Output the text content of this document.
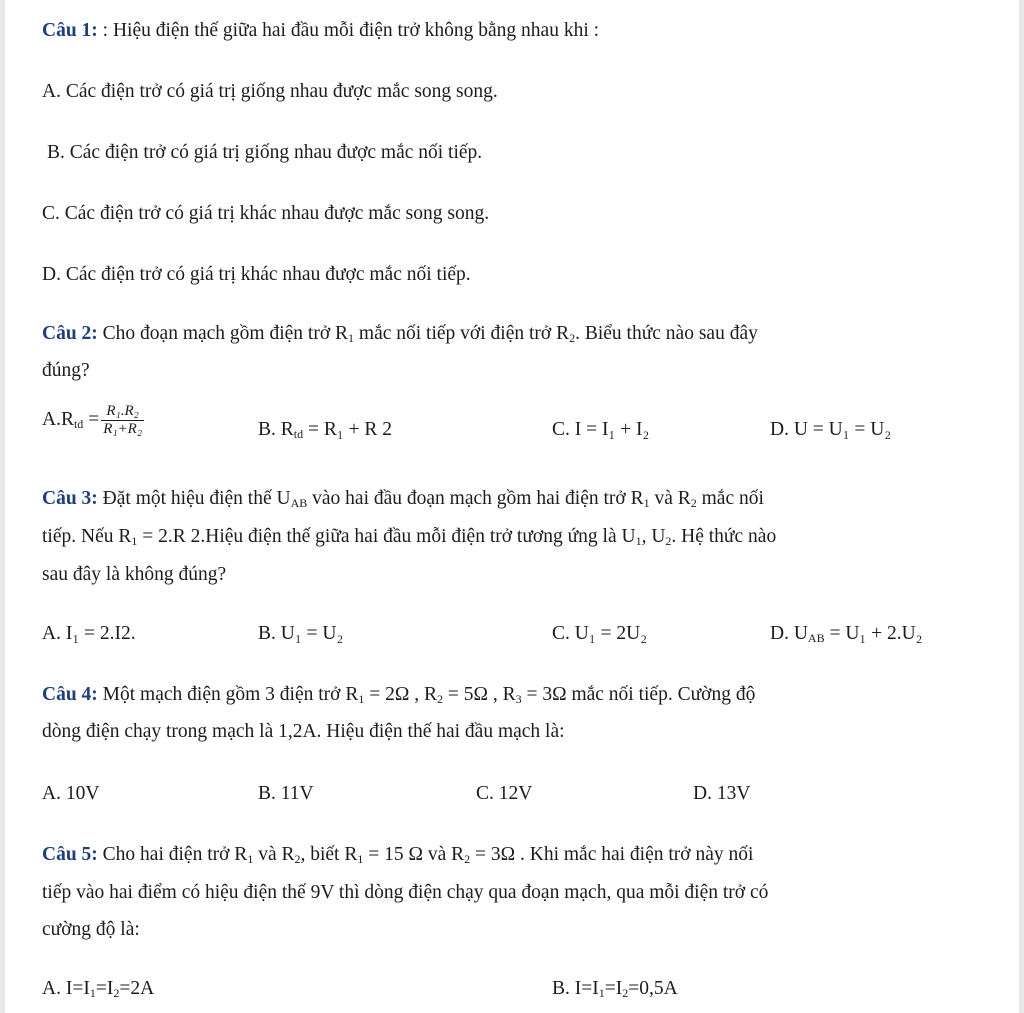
Câu 1: : Hiệu điện thế giữa hai đầu mỗi điện trở không bằng nhau khi :
A. Các điện trở có giá trị giống nhau được mắc song song.
B. Các điện trở có giá trị giống nhau được mắc nối tiếp.
C. Các điện trở có giá trị khác nhau được mắc song song.
D. Các điện trở có giá trị khác nhau được mắc nối tiếp.
Câu 2: Cho đoạn mạch gồm điện trở $R_1$ mắc nối tiếp với điện trở $R_2$. Biểu thức nào sau đây
đúng?
$A.R_{td} = \frac{\text{R₁.R₂}}{\text{R₁+R₂}}$	B. $R_{td} = R_1 + R$ 2	C. I = I₁ + I₂	D. U = U₁ = U₂
Câu 3: Đặt một hiệu điện thế $U_{AB}$ vào hai đầu đoạn mạch gồm hai điện trở $R_1$ và $R_2$ mắc nối
tiếp. Nếu $R_1 = 2.R$ 2.Hiệu điện thế giữa hai đầu mỗi điện trở tương ứng là $U_1$, $U_2$. Hệ thức nào
sau đây là không đúng?
A. I₁ = 2.I2.	B. U₁ = U₂	C. U₁ = 2U₂	D. $U_{AB} = U_1 + 2.U_2$
Câu 4: Một mạch điện gồm 3 điện trở $R_1 = 2\Omega$ , $R_2 = 5\Omega$ , $R_3 = 3\Omega$ mắc nối tiếp. Cường độ
dòng điện chạy trong mạch là 1,2A. Hiệu điện thế hai đầu mạch là:
A. 10V	B. 11V	C. 12V	D. 13V
Câu 5: Cho hai điện trở $R_1$ và $R_2$, biết $R_1 = 15$ Ω và $R_2 = 3\Omega$ . Khi mắc hai điện trở này nối
tiếp vào hai điểm có hiệu điện thế 9V thì dòng điện chạy qua đoạn mạch, qua mỗi điện trở có
cường độ là:
A. $I=I_1=I_2=2A$	B. $I=I_1=I_2=0,5A$
